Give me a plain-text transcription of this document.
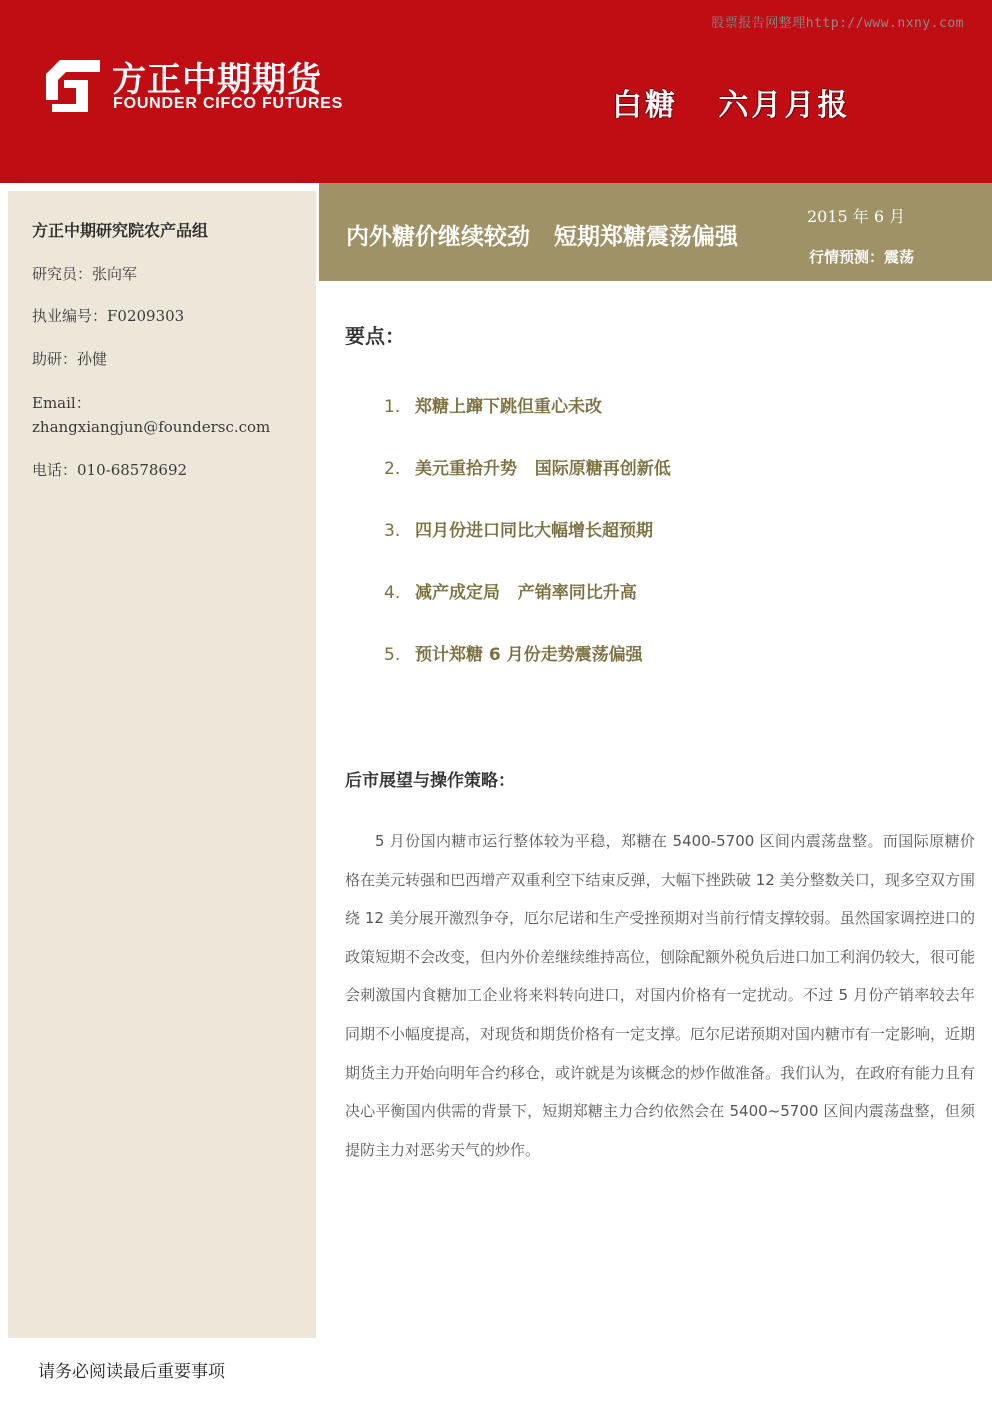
股票报告网整理http://www.nxny.com
方正中期期货
FOUNDER CIFCO FUTURES	白糖   六月月报
方正中期研究院农产品组
研究员：张向军
执业编号：F0209303
助研：孙健
Email：
zhangxiangjun@foundersc.com
电话：010-68578692
内外糖价继续较劲   短期郑糖震荡偏强
2015 年 6 月
行情预测：震荡
要点：
1. 郑糖上蹿下跳但重心未改
2. 美元重拾升势   国际原糖再创新低
3. 四月份进口同比大幅增长超预期
4. 减产成定局   产销率同比升高
5. 预计郑糖 6 月份走势震荡偏强
后市展望与操作策略：
5 月份国内糖市运行整体较为平稳，郑糖在 5400-5700 区间内震荡盘整。而国际原糖价格在美元转强和巴西增产双重利空下结束反弹，大幅下挫跌破 12 美分整数关口，现多空双方围绕 12 美分展开激烈争夺，厄尔尼诺和生产受挫预期对当前行情支撑较弱。虽然国家调控进口的政策短期不会改变，但内外价差继续维持高位，刨除配额外税负后进口加工利润仍较大，很可能会刺激国内食糖加工企业将来料转向进口，对国内价格有一定扰动。不过 5 月份产销率较去年同期不小幅度提高，对现货和期货价格有一定支撑。厄尔尼诺预期对国内糖市有一定影响，近期期货主力开始向明年合约移仓，或许就是为该概念的炒作做准备。我们认为，在政府有能力且有决心平衡国内供需的背景下，短期郑糖主力合约依然会在 5400~5700 区间内震荡盘整，但须提防主力对恶劣天气的炒作。
请务必阅读最后重要事项
